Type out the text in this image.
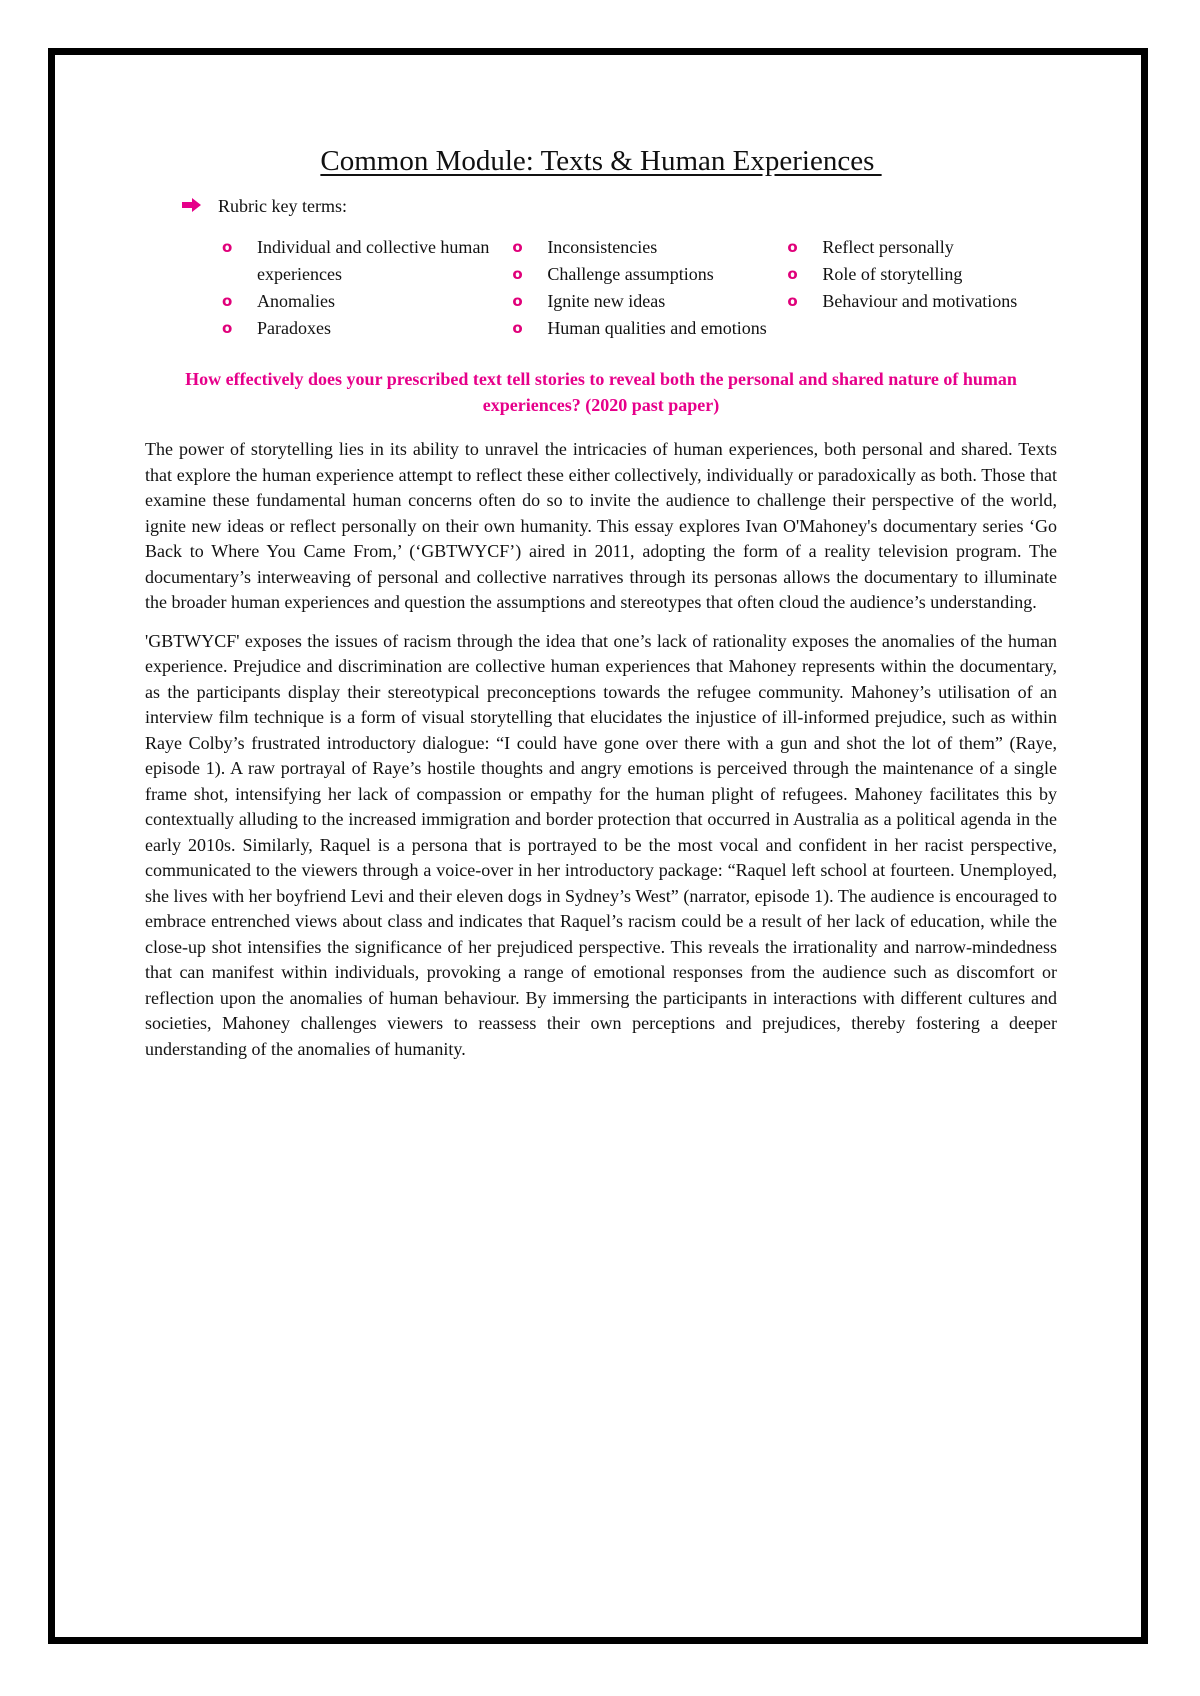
Common Module: Texts & Human Experiences
Rubric key terms:
o Individual and collective human experiences
o Anomalies
o Paradoxes
o Inconsistencies
o Challenge assumptions
o Ignite new ideas
o Human qualities and emotions
o Reflect personally
o Role of storytelling
o Behaviour and motivations

How effectively does your prescribed text tell stories to reveal both the personal and shared nature of human experiences? (2020 past paper)

The power of storytelling lies in its ability to unravel the intricacies of human experiences, both personal and shared. Texts that explore the human experience attempt to reflect these either collectively, individually or paradoxically as both. Those that examine these fundamental human concerns often do so to invite the audience to challenge their perspective of the world, ignite new ideas or reflect personally on their own humanity. This essay explores Ivan O'Mahoney's documentary series ‘Go Back to Where You Came From,’ (‘GBTWYCF’) aired in 2011, adopting the form of a reality television program. The documentary’s interweaving of personal and collective narratives through its personas allows the documentary to illuminate the broader human experiences and question the assumptions and stereotypes that often cloud the audience’s understanding.

'GBTWYCF' exposes the issues of racism through the idea that one’s lack of rationality exposes the anomalies of the human experience. Prejudice and discrimination are collective human experiences that Mahoney represents within the documentary, as the participants display their stereotypical preconceptions towards the refugee community. Mahoney’s utilisation of an interview film technique is a form of visual storytelling that elucidates the injustice of ill-informed prejudice, such as within Raye Colby’s frustrated introductory dialogue: “I could have gone over there with a gun and shot the lot of them” (Raye, episode 1). A raw portrayal of Raye’s hostile thoughts and angry emotions is perceived through the maintenance of a single frame shot, intensifying her lack of compassion or empathy for the human plight of refugees. Mahoney facilitates this by contextually alluding to the increased immigration and border protection that occurred in Australia as a political agenda in the early 2010s. Similarly, Raquel is a persona that is portrayed to be the most vocal and confident in her racist perspective, communicated to the viewers through a voice-over in her introductory package: “Raquel left school at fourteen. Unemployed, she lives with her boyfriend Levi and their eleven dogs in Sydney’s West” (narrator, episode 1). The audience is encouraged to embrace entrenched views about class and indicates that Raquel’s racism could be a result of her lack of education, while the close-up shot intensifies the significance of her prejudiced perspective. This reveals the irrationality and narrow-mindedness that can manifest within individuals, provoking a range of emotional responses from the audience such as discomfort or reflection upon the anomalies of human behaviour. By immersing the participants in interactions with different cultures and societies, Mahoney challenges viewers to reassess their own perceptions and prejudices, thereby fostering a deeper understanding of the anomalies of humanity.
